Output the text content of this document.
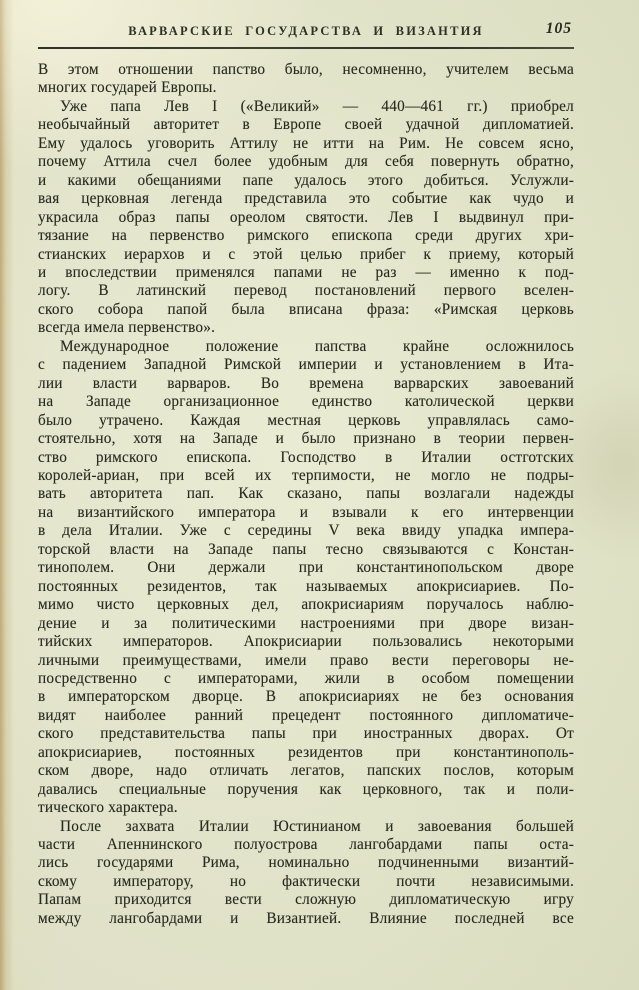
ВАРВАРСКИЕ ГОСУДАРСТВА И ВИЗАНТИЯ	105
В этом отношении папство было, несомненно, учителем весьма
многих государей Европы.
Уже папа Лев I («Великий» — 440—461 гг.) приобрел
необычайный авторитет в Европе своей удачной дипломатией.
Ему удалось уговорить Аттилу не итти на Рим. Не совсем ясно,
почему Аттила счел более удобным для себя повернуть обратно,
и какими обещаниями папе удалось этого добиться. Услужли-
вая церковная легенда представила это событие как чудо и
украсила образ папы ореолом святости. Лев I выдвинул при-
тязание на первенство римского епископа среди других хри-
стианских иерархов и с этой целью прибег к приему, который
и впоследствии применялся папами не раз — именно к под-
логу. В латинский перевод постановлений первого вселен-
ского собора папой была вписана фраза: «Римская церковь
всегда имела первенство».
Международное положение папства крайне осложнилось
с падением Западной Римской империи и установлением в Ита-
лии власти варваров. Во времена варварских завоеваний
на Западе организационное единство католической церкви
было утрачено. Каждая местная церковь управлялась само-
стоятельно, хотя на Западе и было признано в теории первен-
ство римского епископа. Господство в Италии остготских
королей-ариан, при всей их терпимости, не могло не подры-
вать авторитета пап. Как сказано, папы возлагали надежды
на византийского императора и взывали к его интервенции
в дела Италии. Уже с середины V века ввиду упадка импера-
торской власти на Западе папы тесно связываются с Констан-
тинополем. Они держали при константинопольском дворе
постоянных резидентов, так называемых апокрисиариев. По-
мимо чисто церковных дел, апокрисиариям поручалось наблю-
дение и за политическими настроениями при дворе визан-
тийских императоров. Апокрисиарии пользовались некоторыми
личными преимуществами, имели право вести переговоры не-
посредственно с императорами, жили в особом помещении
в императорском дворце. В апокрисиариях не без основания
видят наиболее ранний прецедент постоянного дипломатиче-
ского представительства папы при иностранных дворах. От
апокрисиариев, постоянных резидентов при константинополь-
ском дворе, надо отличать легатов, папских послов, которым
давались специальные поручения как церковного, так и поли-
тического характера.
После захвата Италии Юстинианом и завоевания большей
части Апеннинского полуострова лангобардами папы оста-
лись государями Рима, номинально подчиненными византий-
скому императору, но фактически почти независимыми.
Папам приходится вести сложную дипломатическую игру
между лангобардами и Византией. Влияние последней все
